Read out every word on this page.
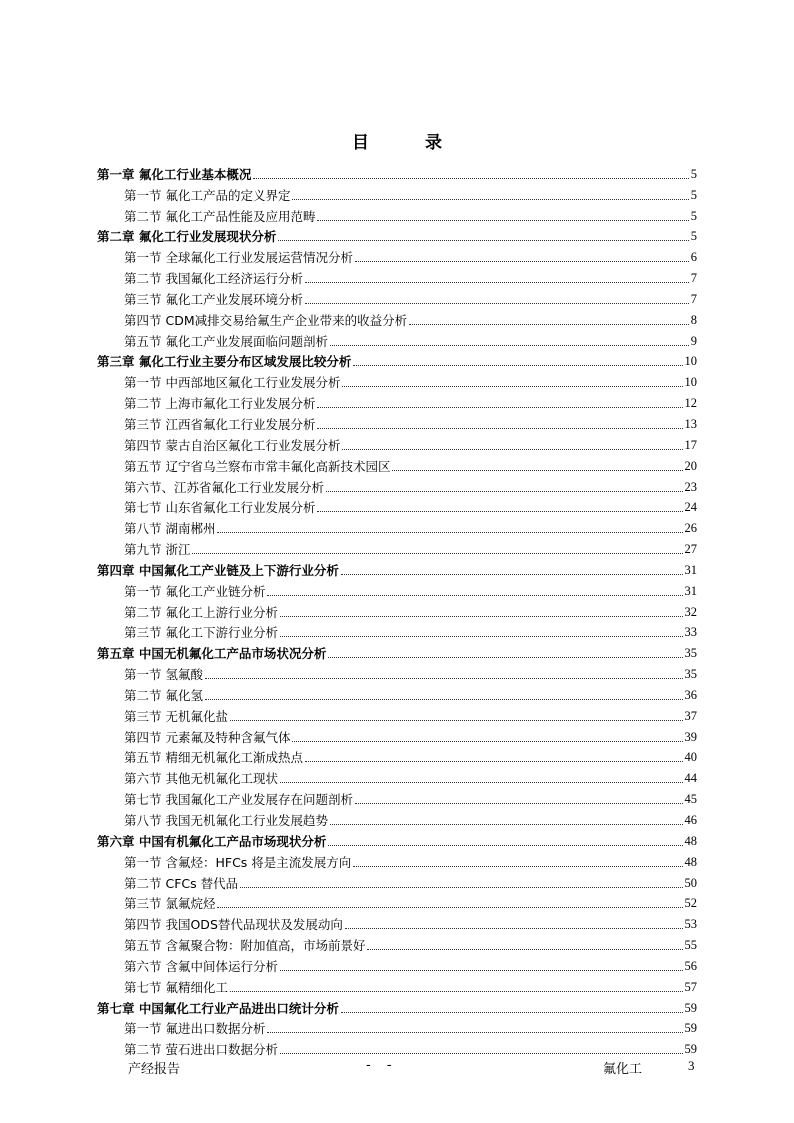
目	录
第一章 氟化工行业基本概况	5
第一节 氟化工产品的定义界定	5
第二节 氟化工产品性能及应用范畴	5
第二章 氟化工行业发展现状分析	5
第一节 全球氟化工行业发展运营情况分析	6
第二节 我国氟化工经济运行分析	7
第三节 氟化工产业发展环境分析	7
第四节 CDM减排交易给氟生产企业带来的收益分析	8
第五节 氟化工产业发展面临问题剖析	9
第三章 氟化工行业主要分布区域发展比较分析	10
第一节 中西部地区氟化工行业发展分析	10
第二节 上海市氟化工行业发展分析	12
第三节 江西省氟化工行业发展分析	13
第四节 蒙古自治区氟化工行业发展分析	17
第五节 辽宁省乌兰察布市常丰氟化高新技术园区	20
第六节、江苏省氟化工行业发展分析	23
第七节 山东省氟化工行业发展分析	24
第八节 湖南郴州	26
第九节 浙江	27
第四章 中国氟化工产业链及上下游行业分析	31
第一节 氟化工产业链分析	31
第二节 氟化工上游行业分析	32
第三节 氟化工下游行业分析	33
第五章 中国无机氟化工产品市场状况分析	35
第一节 氢氟酸	35
第二节 氟化氢	36
第三节 无机氟化盐	37
第四节 元素氟及特种含氟气体	39
第五节 精细无机氟化工渐成热点	40
第六节 其他无机氟化工现状	44
第七节 我国氟化工产业发展存在问题剖析	45
第八节 我国无机氟化工行业发展趋势	46
第六章 中国有机氟化工产品市场现状分析	48
第一节 含氟烃：HFCs 将是主流发展方向	48
第二节 CFCs 替代品	50
第三节 氯氟烷烃	52
第四节 我国ODS替代品现状及发展动向	53
第五节 含氟聚合物：附加值高，市场前景好	55
第六节 含氟中间体运行分析	56
第七节 氟精细化工	57
第七章 中国氟化工行业产品进出口统计分析	59
第一节 氟进出口数据分析	59
第二节 萤石进出口数据分析	59
产经报告	- -	氟化工	3
